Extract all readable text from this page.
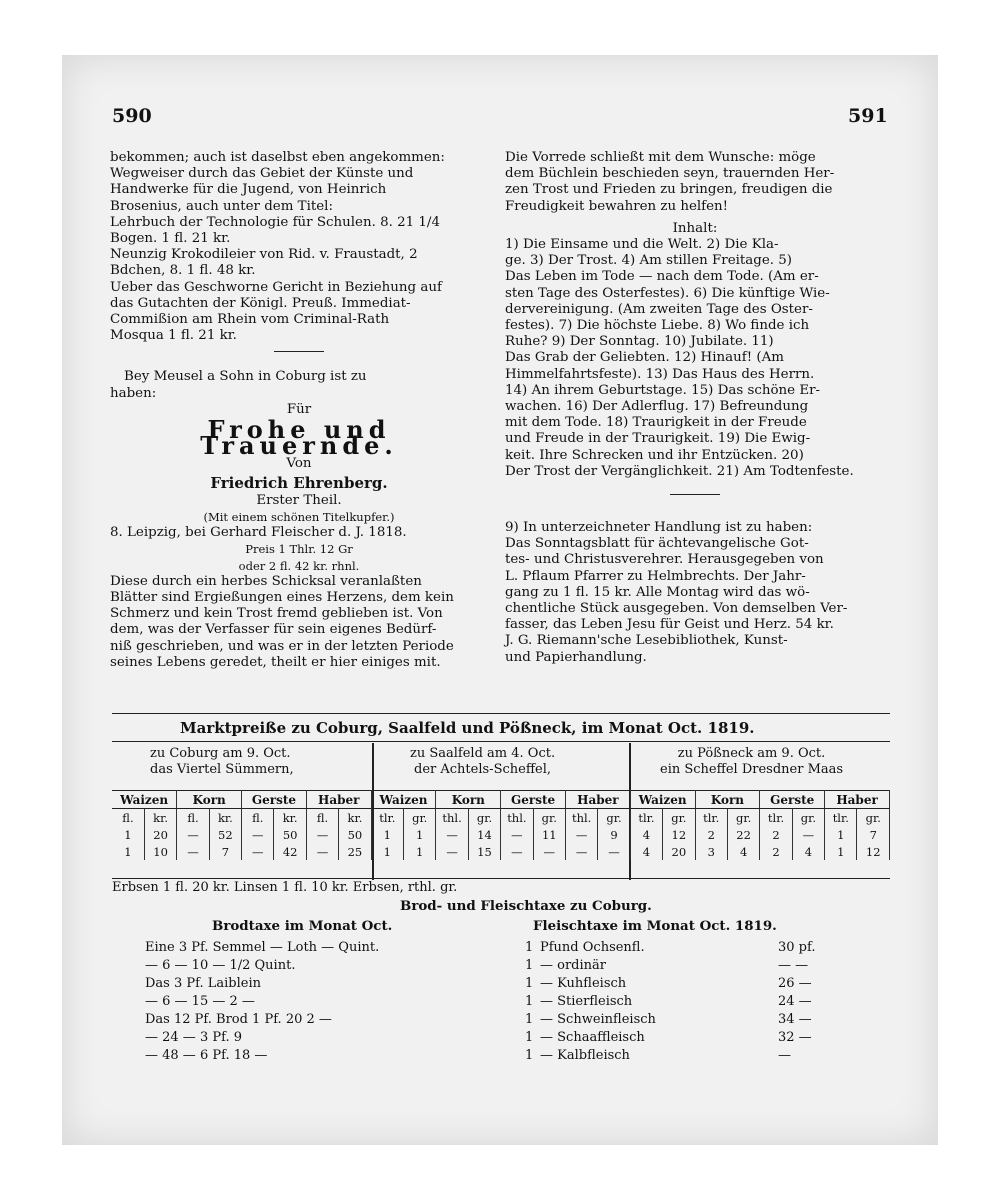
590	591

bekommen; auch ist daselbst eben angekommen:

Wegweiser durch das Gebiet der Künste und

Handwerke für die Jugend, von Heinrich

Brosenius, auch unter dem Titel:

Lehrbuch der Technologie für Schulen. 8. 21 1/4

Bogen. 1 fl. 21 kr.

Neunzig Krokodileier von Rid. v. Fraustadt, 2

Bdchen, 8. 1 fl. 48 kr.

Ueber das Geschworne Gericht in Beziehung auf

das Gutachten der Königl. Preuß. Immediat-

Commißion am Rhein vom Criminal-Rath

Mosqua 1 fl. 21 kr.

Bey Meusel a Sohn in Coburg ist zu

haben:

Für

Frohe und Trauernde.

Von

Friedrich Ehrenberg.

Erster Theil.

(Mit einem schönen Titelkupfer.)

8. Leipzig, bei Gerhard Fleischer d. J. 1818.

Preis 1 Thlr. 12 Gr

oder 2 fl. 42 kr. rhnl.

Diese durch ein herbes Schicksal veranlaßten

Blätter sind Ergießungen eines Herzens, dem kein

Schmerz und kein Trost fremd geblieben ist. Von

dem, was der Verfasser für sein eigenes Bedürf-

niß geschrieben, und was er in der letzten Periode

seines Lebens geredet, theilt er hier einiges mit.

Die Vorrede schließt mit dem Wunsche: möge

dem Büchlein beschieden seyn, trauernden Her-

zen Trost und Frieden zu bringen, freudigen die

Freudigkeit bewahren zu helfen!

Inhalt:

1) Die Einsame und die Welt. 2) Die Kla-

ge. 3) Der Trost. 4) Am stillen Freitage. 5)

Das Leben im Tode — nach dem Tode. (Am er-

sten Tage des Osterfestes). 6) Die künftige Wie-

dervereinigung. (Am zweiten Tage des Oster-

festes). 7) Die höchste Liebe. 8) Wo finde ich

Ruhe? 9) Der Sonntag. 10) Jubilate. 11)

Das Grab der Geliebten. 12) Hinauf! (Am

Himmelfahrtsfeste). 13) Das Haus des Herrn.

14) An ihrem Geburtstage. 15) Das schöne Er-

wachen. 16) Der Adlerflug. 17) Befreundung

mit dem Tode. 18) Traurigkeit in der Freude

und Freude in der Traurigkeit. 19) Die Ewig-

keit. Ihre Schrecken und ihr Entzücken. 20)

Der Trost der Vergänglichkeit. 21) Am Todtenfeste.

9) In unterzeichneter Handlung ist zu haben:

Das Sonntagsblatt für ächtevangelische Got-

tes- und Christusverehrer. Herausgegeben von

L. Pflaum Pfarrer zu Helmbrechts. Der Jahr-

gang zu 1 fl. 15 kr. Alle Montag wird das wö-

chentliche Stück ausgegeben. Von demselben Ver-

fasser, das Leben Jesu für Geist und Herz. 54 kr.

J. G. Riemann'sche Lesebibliothek, Kunst-

und Papierhandlung.

Marktpreiße zu Coburg, Saalfeld und Pößneck, im Monat Oct. 1819.
zu Coburg am 9. Oct.
das Viertel Sümmern,
zu Saalfeld am 4. Oct.
der Achtels-Scheffel,
zu Pößneck am 9. Oct.
ein Scheffel Dresdner Maas
Waizen		Korn		Gerste		Haber		Waizen		Korn		Gerste		Haber		Waizen		Korn		Gerste		Haber	
fl.	kr.	fl.	kr.	fl.	kr.	fl.	kr.	tlr.	gr.	thl.	gr.	thl.	gr.	thl.	gr.	tlr.	gr.	tlr.	gr.	tlr.	gr.	tlr.	gr.
1	20	—	52	—	50	—	50	1	1	—	14	—	11	—	9	4	12	2	22	2	—	1	7
1	10	—	7	—	42	—	25	1	1	—	15	—	—	—	—	4	20	3	4	2	4	1	12
Erbsen 1 fl. 20 kr. Linsen 1 fl. 10 kr. Erbsen, rthl. gr.
Brod- und Fleischtaxe zu Coburg.
Brodtaxe im Monat Oct.	Fleischtaxe im Monat Oct. 1819.
Eine 3 Pf. Semmel — Loth — Quint.
— 6 — 10 — 1/2 Quint.
Das 3 Pf. Laiblein
— 6 — 15 — 2 —
Das 12 Pf. Brod 1 Pf. 20 2 —
— 24 — 3 Pf. 9
— 48 — 6 Pf. 18 —
1 Pfund Ochsenfl.	30 pf.
1 — ordinär	— —
1 — Kuhfleisch	26 —
1 — Stierfleisch	24 —
1 — Schweinfleisch	34 —
1 — Schaaffleisch	32 —
1 — Kalbfleisch	—
